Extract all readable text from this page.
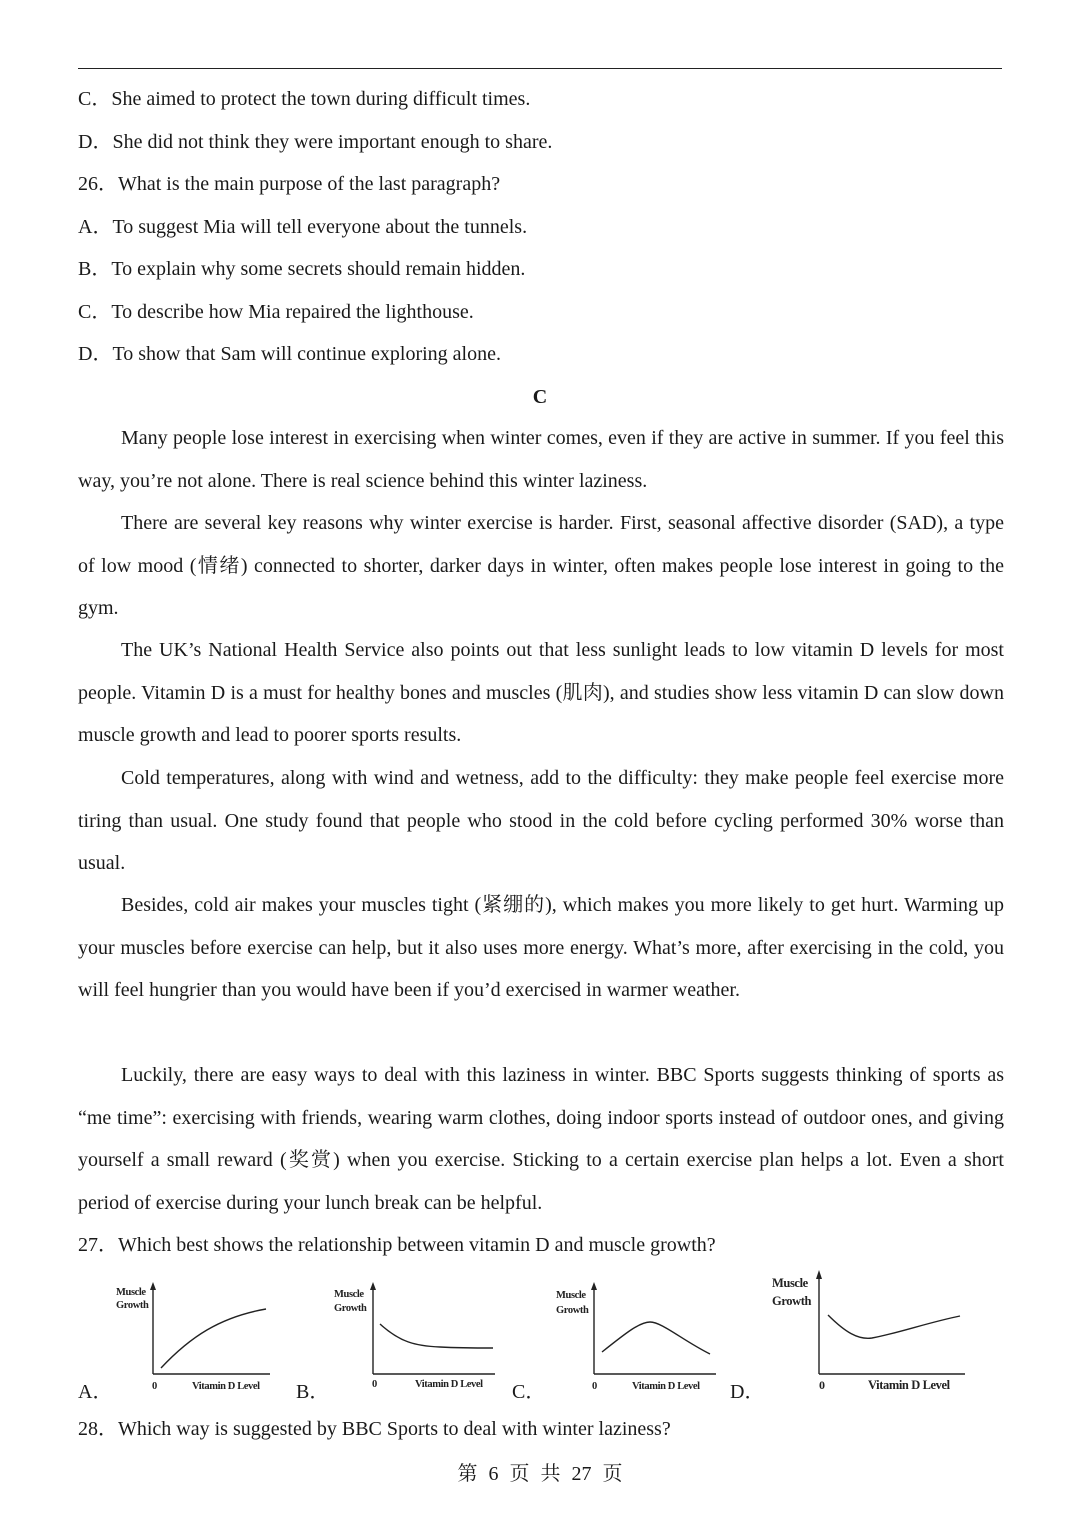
C．She aimed to protect the town during difficult times.
D．She did not think they were important enough to share.
26．What is the main purpose of the last paragraph?
A．To suggest Mia will tell everyone about the tunnels.
B．To explain why some secrets should remain hidden.
C．To describe how Mia repaired the lighthouse.
D．To show that Sam will continue exploring alone.
C

Many people lose interest in exercising when winter comes, even if they are active in summer. If you feel this way, you’re not alone. There is real science behind this winter laziness.

There are several key reasons why winter exercise is harder. First, seasonal affective disorder (SAD), a type of low mood (情绪) connected to shorter, darker days in winter, often makes people lose interest in going to the gym.

The UK’s National Health Service also points out that less sunlight leads to low vitamin D levels for most people. Vitamin D is a must for healthy bones and muscles (肌肉), and studies show less vitamin D can slow down muscle growth and lead to poorer sports results.

Cold temperatures, along with wind and wetness, add to the difficulty: they make people feel exercise more tiring than usual. One study found that people who stood in the cold before cycling performed 30% worse than usual.

Besides, cold air makes your muscles tight (紧绷的), which makes you more likely to get hurt. Warming up your muscles before exercise can help, but it also uses more energy. What’s more, after exercising in the cold, you will feel hungrier than you would have been if you’d exercised in warmer weather.

Luckily, there are easy ways to deal with this laziness in winter. BBC Sports suggests thinking of sports as “me time”: exercising with friends, wearing warm clothes, doing indoor sports instead of outdoor ones, and giving yourself a small reward (奖赏) when you exercise. Sticking to a certain exercise plan helps a lot. Even a short period of exercise during your lunch break can be helpful.

27．Which best shows the relationship between vitamin D and muscle growth?
A．
Muscle
Growth
0	Vitamin D Level B．
Muscle
Growth
0	Vitamin D Level C．
Muscle
Growth
0	Vitamin D Level D．
Muscle
Growth
0	Vitamin D Level
28．Which way is suggested by BBC Sports to deal with winter laziness?
第 6 页 共 27 页
